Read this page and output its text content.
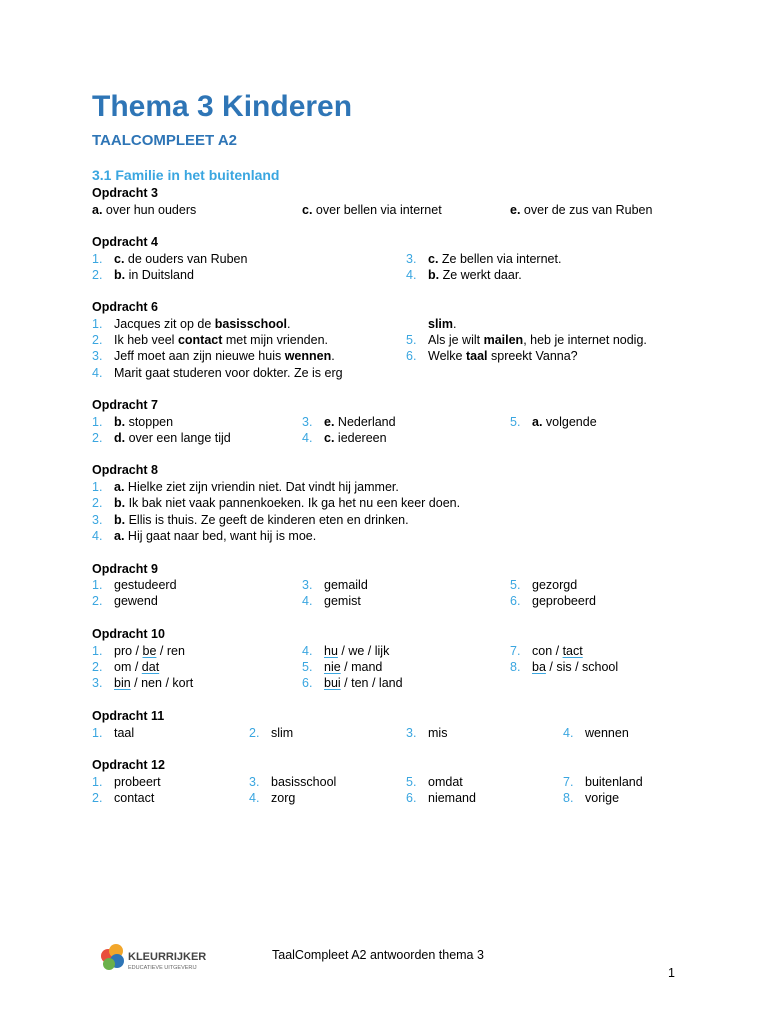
Thema 3 Kinderen
TAALCOMPLEET A2
3.1 Familie in het buitenland
Opdracht 3
a. over hun ouders	c. over bellen via internet	e. over de zus van Ruben
Opdracht 4
1. c. de ouders van Ruben	3. c. Ze bellen via internet.
2. b. in Duitsland	4. b. Ze werkt daar.
Opdracht 6
1. Jacques zit op de basisschool.	slim.
2. Ik heb veel contact met mijn vrienden.	5. Als je wilt mailen, heb je internet nodig.
3. Jeff moet aan zijn nieuwe huis wennen.	6. Welke taal spreekt Vanna?
4. Marit gaat studeren voor dokter. Ze is erg
Opdracht 7
1. b. stoppen	3. e. Nederland	5. a. volgende
2. d. over een lange tijd	4. c. iedereen
Opdracht 8
1. a. Hielke ziet zijn vriendin niet. Dat vindt hij jammer.
2. b. Ik bak niet vaak pannenkoeken. Ik ga het nu een keer doen.
3. b. Ellis is thuis. Ze geeft de kinderen eten en drinken.
4. a. Hij gaat naar bed, want hij is moe.
Opdracht 9
1. gestudeerd	3. gemaild	5. gezorgd
2. gewend	4. gemist	6. geprobeerd
Opdracht 10
1. pro / be / ren	4. hu / we / lijk	7. con / tact
2. om / dat	5. nie / mand	8. ba / sis / school
3. bin / nen / kort	6. bui / ten / land
Opdracht 11
1. taal	2. slim	3. mis	4. wennen
Opdracht 12
1. probeert	3. basisschool	5. omdat	7. buitenland
2. contact	4. zorg	6. niemand	8. vorige
KLEURRIJKER
EDUCATIEVE UITGEVERIJ
TaalCompleet A2 antwoorden thema 3
1
